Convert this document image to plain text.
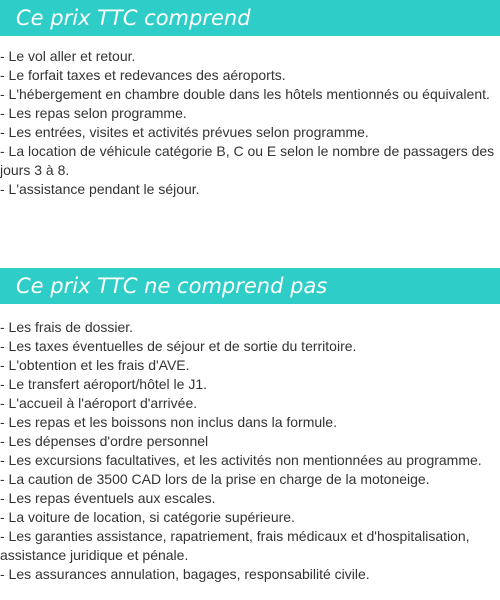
Ce prix TTC comprend
- Le vol aller et retour.
- Le forfait taxes et redevances des aéroports.
- L'hébergement en chambre double dans les hôtels mentionnés ou équivalent.
- Les repas selon programme.
- Les entrées, visites et activités prévues selon programme.
- La location de véhicule catégorie B, C ou E selon le nombre de passagers des jours 3 à 8.
- L'assistance pendant le séjour.
Ce prix TTC ne comprend pas
- Les frais de dossier.
- Les taxes éventuelles de séjour et de sortie du territoire.
- L'obtention et les frais d'AVE.
- Le transfert aéroport/hôtel le J1.
- L'accueil à l'aéroport d'arrivée.
- Les repas et les boissons non inclus dans la formule.
- Les dépenses d'ordre personnel
- Les excursions facultatives, et les activités non mentionnées au programme.
- La caution de 3500 CAD lors de la prise en charge de la motoneige.
- Les repas éventuels aux escales.
- La voiture de location, si catégorie supérieure.
- Les garanties assistance, rapatriement, frais médicaux et d'hospitalisation, assistance juridique et pénale.
- Les assurances annulation, bagages, responsabilité civile.
